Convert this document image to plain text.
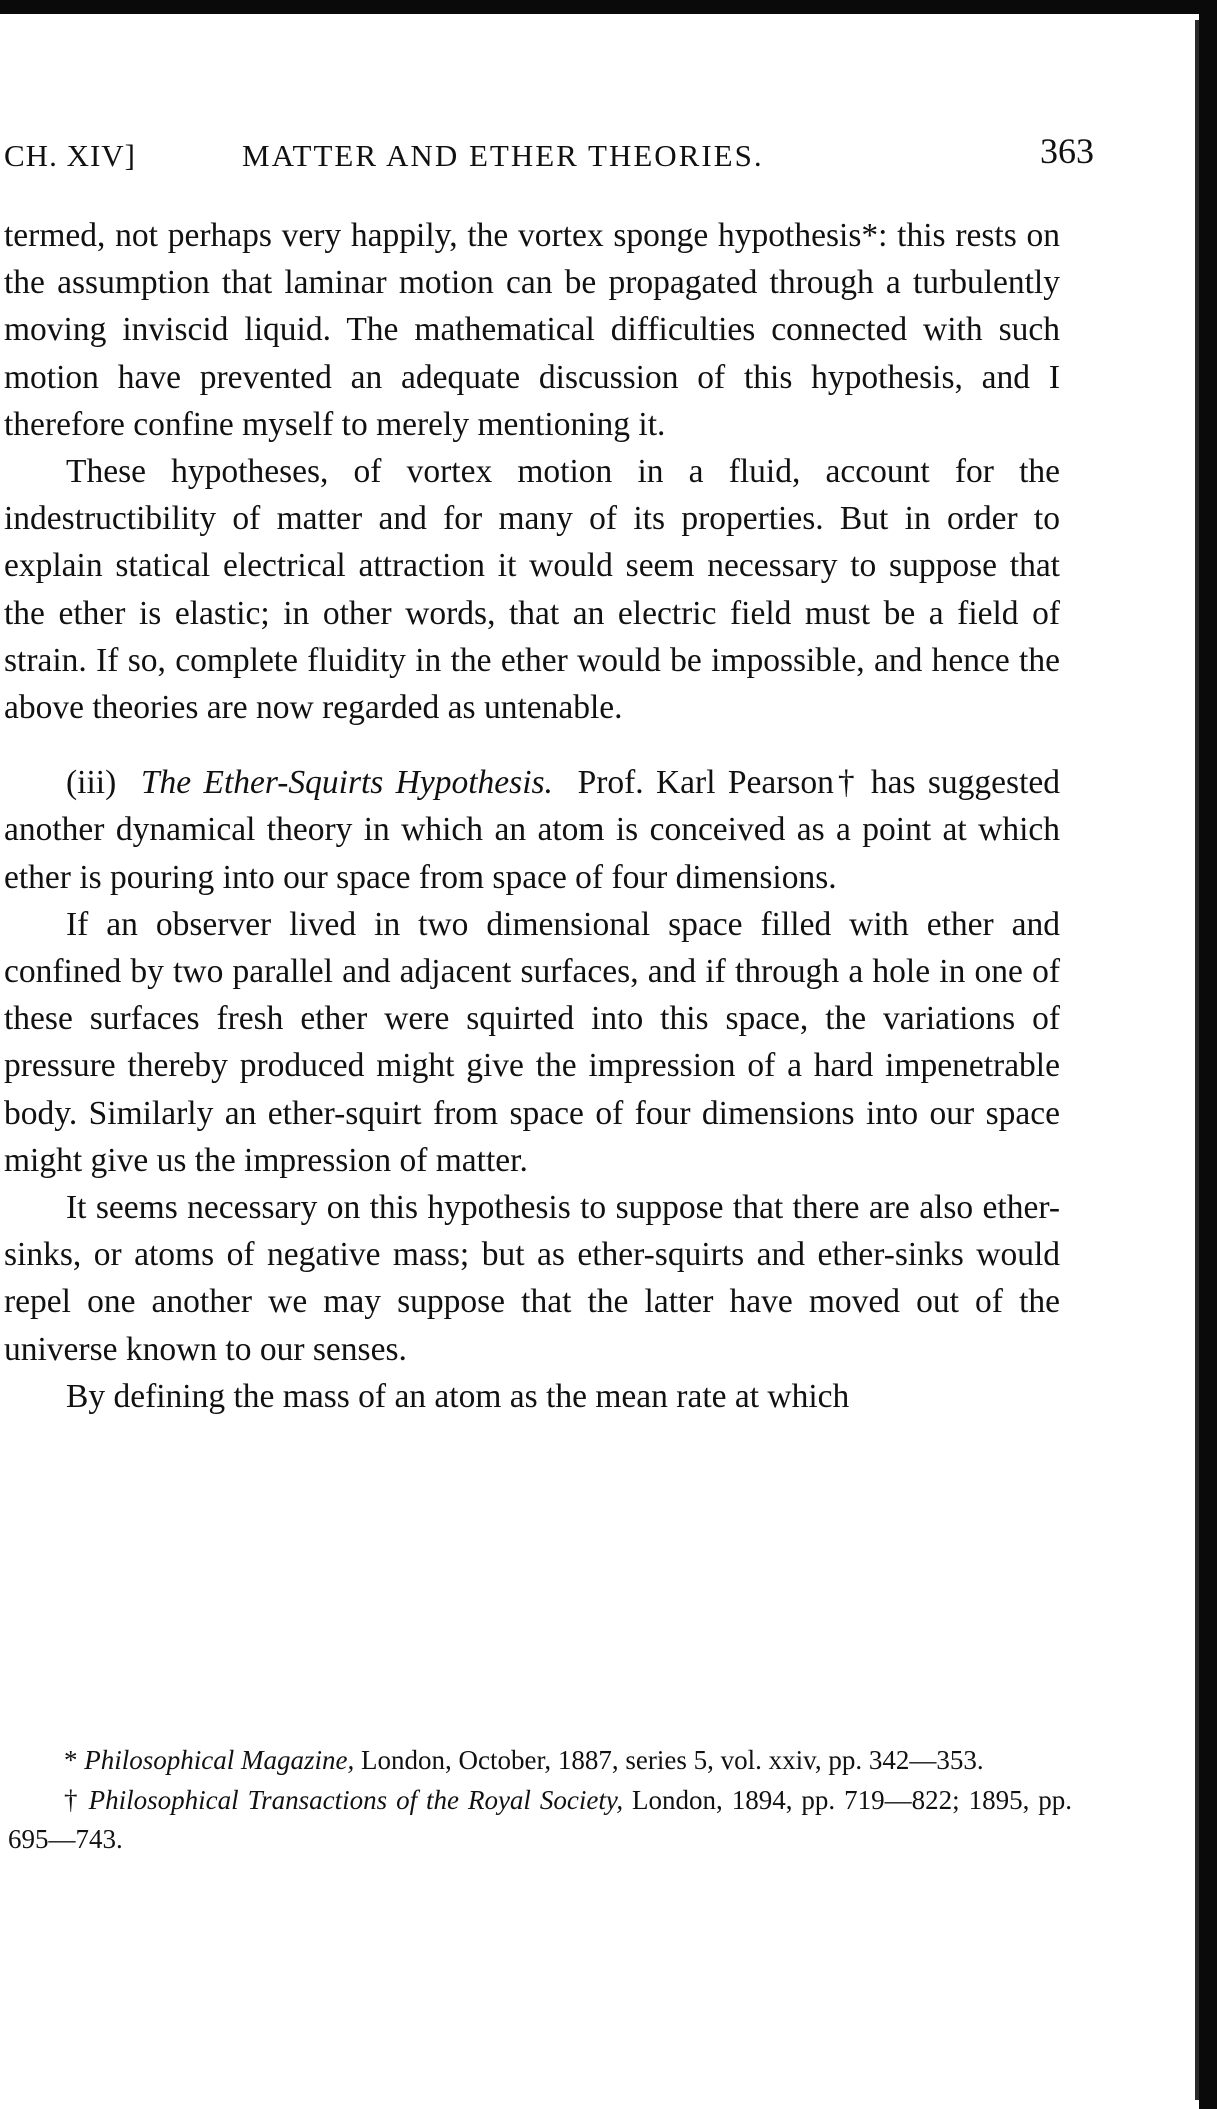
CH. XIV]	MATTER AND ETHER THEORIES.	363

termed, not perhaps very happily, the vortex sponge hypothesis*: this rests on the assumption that laminar motion can be propagated through a turbulently moving inviscid liquid. The mathematical difficulties connected with such motion have prevented an adequate discussion of this hypothesis, and I therefore confine myself to merely mentioning it.

These hypotheses, of vortex motion in a fluid, account for the indestructibility of matter and for many of its properties. But in order to explain statical electrical attraction it would seem necessary to suppose that the ether is elastic; in other words, that an electric field must be a field of strain. If so, complete fluidity in the ether would be impossible, and hence the above theories are now regarded as untenable.

(iii) The Ether-Squirts Hypothesis. Prof. Karl Pearson† has suggested another dynamical theory in which an atom is conceived as a point at which ether is pouring into our space from space of four dimensions.

If an observer lived in two dimensional space filled with ether and confined by two parallel and adjacent surfaces, and if through a hole in one of these surfaces fresh ether were squirted into this space, the variations of pressure thereby produced might give the impression of a hard impenetrable body. Similarly an ether-squirt from space of four dimensions into our space might give us the impression of matter.

It seems necessary on this hypothesis to suppose that there are also ether-sinks, or atoms of negative mass; but as ether-squirts and ether-sinks would repel one another we may suppose that the latter have moved out of the universe known to our senses.

By defining the mass of an atom as the mean rate at which

* Philosophical Magazine, London, October, 1887, series 5, vol. xxiv, pp. 342—353.

† Philosophical Transactions of the Royal Society, London, 1894, pp. 719—822; 1895, pp. 695—743.
